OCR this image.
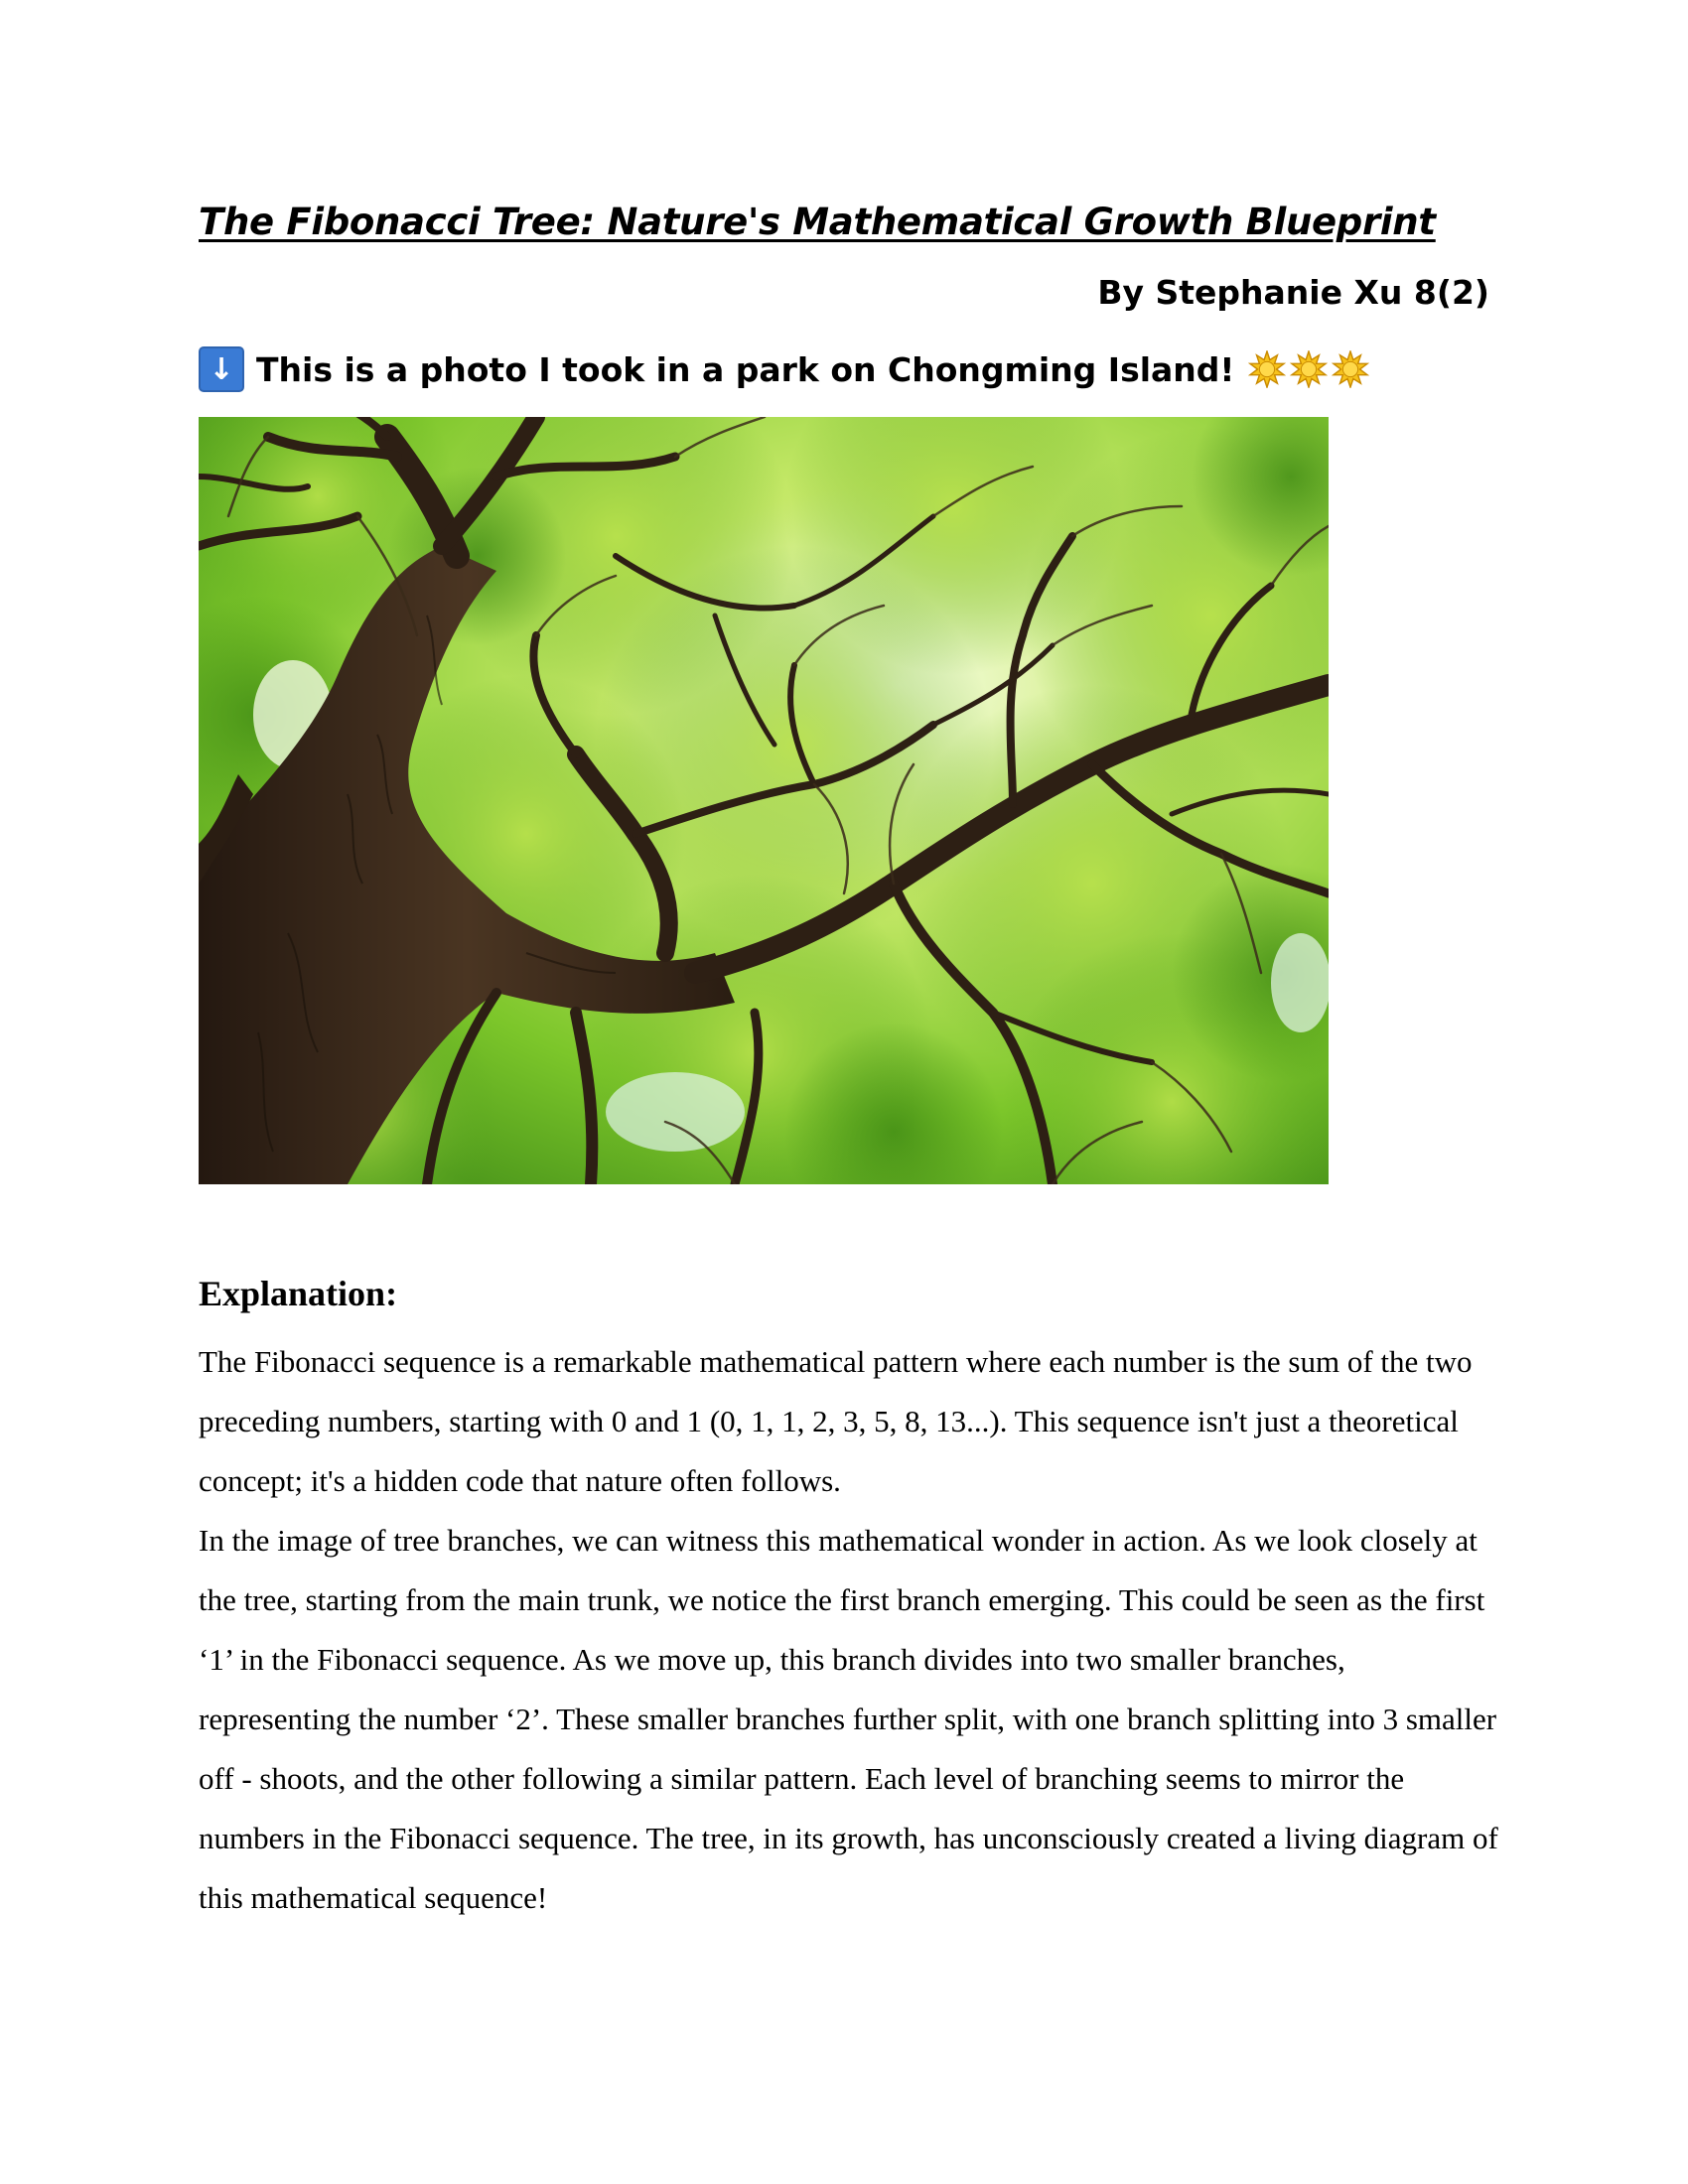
The Fibonacci Tree: Nature's Mathematical Growth Blueprint
By Stephanie Xu 8(2)
↓ This is a photo I took in a park on Chongming Island!
Explanation:

The Fibonacci sequence is a remarkable mathematical pattern where each number is the sum of the two preceding numbers, starting with 0 and 1 (0, 1, 1, 2, 3, 5, 8, 13...). This sequence isn't just a theoretical concept; it's a hidden code that nature often follows.

In the image of tree branches, we can witness this mathematical wonder in action. As we look closely at the tree, starting from the main trunk, we notice the first branch emerging. This could be seen as the first ‘1’ in the Fibonacci sequence. As we move up, this branch divides into two smaller branches, representing the number ‘2’. These smaller branches further split, with one branch splitting into 3 smaller off - shoots, and the other following a similar pattern. Each level of branching seems to mirror the numbers in the Fibonacci sequence. The tree, in its growth, has unconsciously created a living diagram of this mathematical sequence!
